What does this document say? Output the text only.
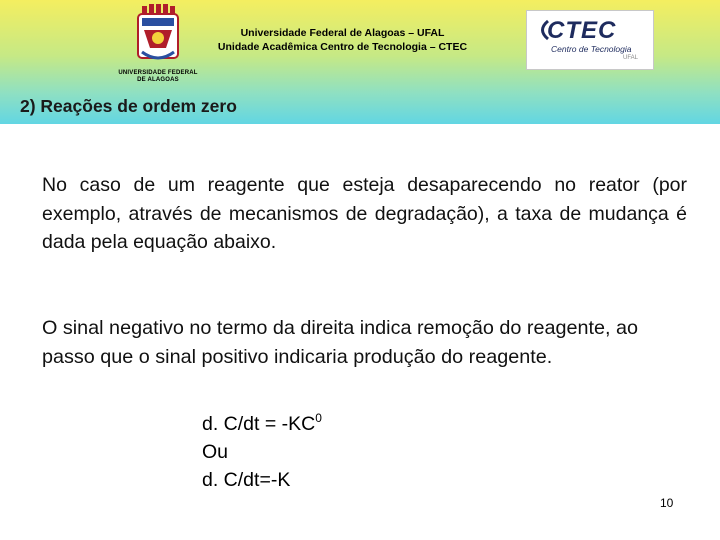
UNIVERSIDADE FEDERAL
DE ALAGOAS
Universidade Federal de Alagoas – UFAL
Unidade Acadêmica Centro de Tecnologia – CTEC
CTEC
Centro de Tecnologia
UFAL
2) Reações de ordem zero
No caso de um reagente que esteja desaparecendo no reator (por exemplo, através de mecanismos de degradação), a taxa de mudança é dada pela equação abaixo.
O sinal negativo no termo da direita indica remoção do reagente, ao passo que o sinal positivo indicaria produção do reagente.
d. $C/dt = -KC^0$
Ou
d. C/dt=-K
10
